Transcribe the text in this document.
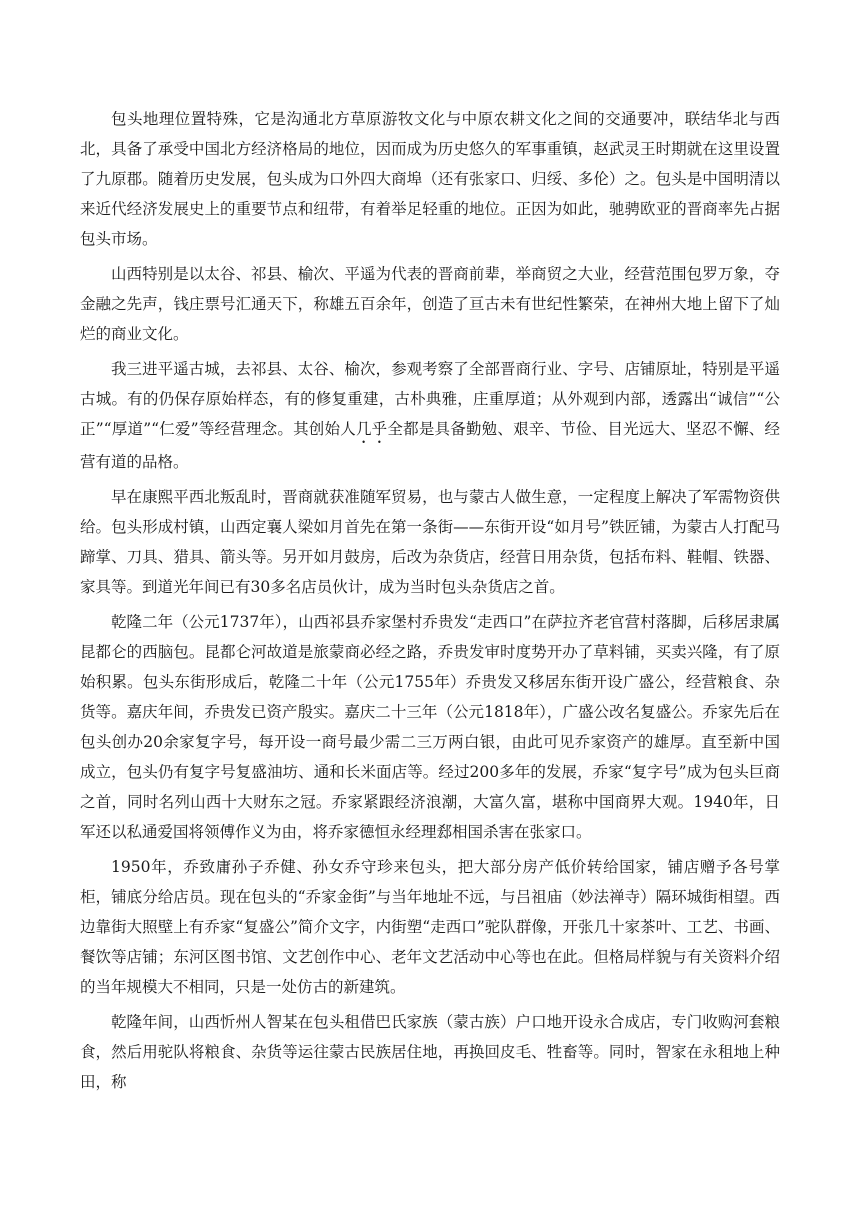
包头地理位置特殊，它是沟通北方草原游牧文化与中原农耕文化之间的交通要冲，联结华北与西北，具备了承受中国北方经济格局的地位，因而成为历史悠久的军事重镇，赵武灵王时期就在这里设置了九原郡。随着历史发展，包头成为口外四大商埠（还有张家口、归绥、多伦）之。包头是中国明清以来近代经济发展史上的重要节点和纽带，有着举足轻重的地位。正因为如此，驰骋欧亚的晋商率先占据包头市场。

山西特别是以太谷、祁县、榆次、平遥为代表的晋商前辈，举商贸之大业，经营范围包罗万象，夺金融之先声，钱庄票号汇通天下，称雄五百余年，创造了亘古未有世纪性繁荣，在神州大地上留下了灿烂的商业文化。

我三进平遥古城，去祁县、太谷、榆次，参观考察了全部晋商行业、字号、店铺原址，特别是平遥古城。有的仍保存原始样态，有的修复重建，古朴典雅，庄重厚道；从外观到内部，透露出“诚信”“公正”“厚道”“仁爱”等经营理念。其创始人几乎全都是具备勤勉、艰辛、节俭、目光远大、坚忍不懈、经营有道的品格。

早在康熙平西北叛乱时，晋商就获准随军贸易，也与蒙古人做生意，一定程度上解决了军需物资供给。包头形成村镇，山西定襄人梁如月首先在第一条街——东街开设“如月号”铁匠铺，为蒙古人打配马蹄掌、刀具、猎具、箭头等。另开如月鼓房，后改为杂货店，经营日用杂货，包括布料、鞋帽、铁器、家具等。到道光年间已有30多名店员伙计，成为当时包头杂货店之首。

乾隆二年（公元1737年），山西祁县乔家堡村乔贵发“走西口”在萨拉齐老官营村落脚，后移居隶属昆都仑的西脑包。昆都仑河故道是旅蒙商必经之路，乔贵发审时度势开办了草料铺，买卖兴隆，有了原始积累。包头东街形成后，乾隆二十年（公元1755年）乔贵发又移居东街开设广盛公，经营粮食、杂货等。嘉庆年间，乔贵发已资产殷实。嘉庆二十三年（公元1818年），广盛公改名复盛公。乔家先后在包头创办20余家复字号，每开设一商号最少需二三万两白银，由此可见乔家资产的雄厚。直至新中国成立，包头仍有复字号复盛油坊、通和长米面店等。经过200多年的发展，乔家“复字号”成为包头巨商之首，同时名列山西十大财东之冠。乔家紧跟经济浪潮，大富久富，堪称中国商界大观。1940年，日军还以私通爱国将领傅作义为由，将乔家德恒永经理郄相国杀害在张家口。

1950年，乔致庸孙子乔健、孙女乔守珍来包头，把大部分房产低价转给国家，铺店赠予各号掌柜，铺底分给店员。现在包头的“乔家金街”与当年地址不远，与吕祖庙（妙法禅寺）隔环城街相望。西边靠街大照壁上有乔家“复盛公”简介文字，内街塑“走西口”驼队群像，开张几十家茶叶、工艺、书画、餐饮等店铺；东河区图书馆、文艺创作中心、老年文艺活动中心等也在此。但格局样貌与有关资料介绍的当年规模大不相同，只是一处仿古的新建筑。

乾隆年间，山西忻州人智某在包头租借巴氏家族（蒙古族）户口地开设永合成店，专门收购河套粮食，然后用驼队将粮食、杂货等运往蒙古民族居住地，再换回皮毛、牲畜等。同时，智家在永租地上种田，称
